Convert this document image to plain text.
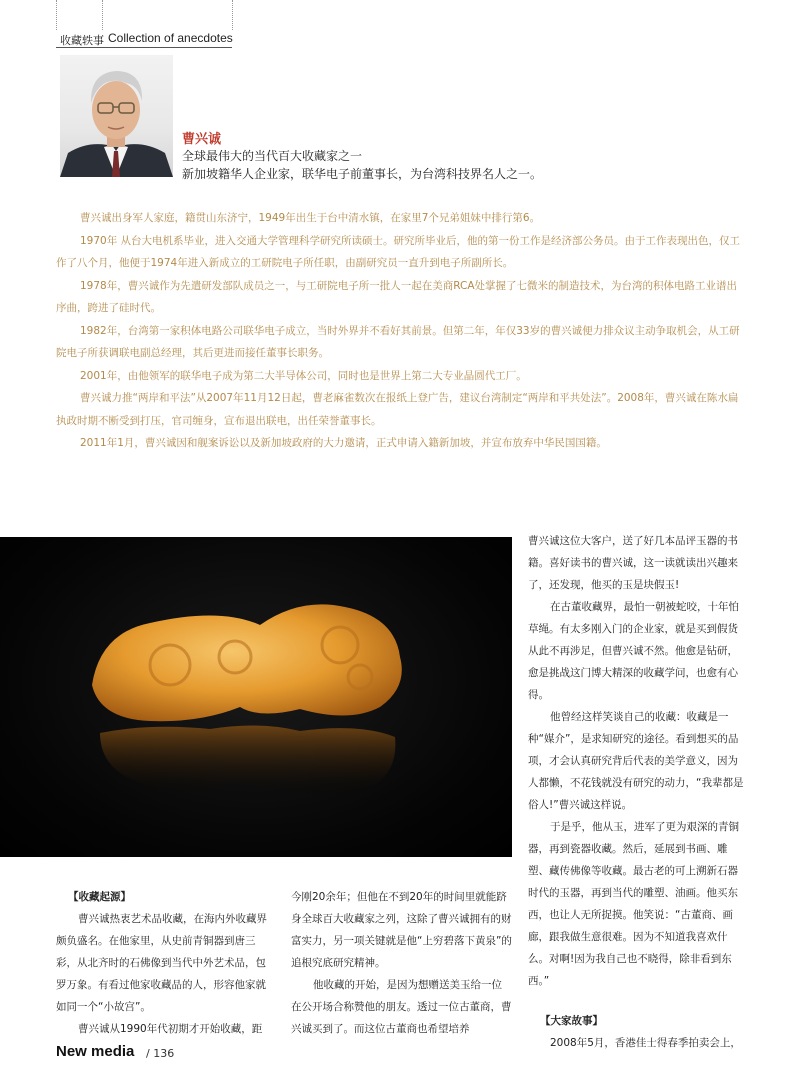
收藏轶事 Collection of anecdotes
曹兴诚
全球最伟大的当代百大收藏家之一
新加坡籍华人企业家，联华电子前董事长，为台湾科技界名人之一。

曹兴诚出身军人家庭，籍贯山东济宁，1949年出生于台中清水镇，在家里7个兄弟姐妹中排行第6。

1970年 从台大电机系毕业，进入交通大学管理科学研究所读硕士。研究所毕业后，他的第一份工作是经济部公务员。由于工作表现出色，仅工作了八个月，他便于1974年进入新成立的工研院电子所任职，由副研究员一直升到电子所副所长。

1978年，曹兴诚作为先遣研发部队成员之一，与工研院电子所一批人一起在美商RCA处掌握了七微米的制造技术，为台湾的积体电路工业谱出序曲，跨进了硅时代。

1982年，台湾第一家积体电路公司联华电子成立，当时外界并不看好其前景。但第二年，年仅33岁的曹兴诚便力排众议主动争取机会，从工研院电子所获调联电副总经理，其后更进而接任董事长职务。

2001年，由他领军的联华电子成为第二大半导体公司，同时也是世界上第二大专业晶圆代工厂。

曹兴诚力推“两岸和平法”从2007年11月12日起，曹老麻雀数次在报纸上登广告，建议台湾制定“两岸和平共处法”。2008年，曹兴诚在陈水扁执政时期不断受到打压，官司缠身，宣布退出联电，出任荣誉董事长。

2011年1月，曹兴诚因和舰案诉讼以及新加坡政府的大力邀请，正式申请入籍新加坡，并宣布放弃中华民国国籍。

【收藏起源】

曹兴诚热衷艺术品收藏，在海内外收藏界颇负盛名。在他家里，从史前青铜器到唐三彩，从北齐时的石佛像到当代中外艺术品，包罗万象。有看过他家收藏品的人，形容他家就如同一个“小故宫”。

曹兴诚从1990年代初期才开始收藏，距

今刚20余年；但他在不到20年的时间里就能跻身全球百大收藏家之列，这除了曹兴诚拥有的财富实力，另一项关键就是他“上穷碧落下黄泉”的追根究底研究精神。

他收藏的开始，是因为想赠送美玉给一位在公开场合称赞他的朋友。透过一位古董商，曹兴诚买到了。而这位古董商也希望培养

曹兴诚这位大客户，送了好几本品评玉器的书籍。喜好读书的曹兴诚，这一读就读出兴趣来了，还发现，他买的玉是块假玉!

在古董收藏界，最怕一朝被蛇咬，十年怕草绳。有太多刚入门的企业家，就是买到假货从此不再涉足，但曹兴诚不然。他愈是钻研，愈是挑战这门博大精深的收藏学问，也愈有心得。

他曾经这样笑谈自己的收藏：收藏是一种“媒介”，是求知研究的途径。看到想买的品项，才会认真研究背后代表的美学意义，因为人都懒，不花钱就没有研究的动力，“我辈都是俗人!”曹兴诚这样说。

于是乎，他从玉，进军了更为艰深的青铜器，再到瓷器收藏。然后，延展到书画、雕塑、藏传佛像等收藏。最古老的可上溯新石器时代的玉器，再到当代的雕塑、油画。他买东西，也让人无所捉摸。他笑说：“古董商、画廊，跟我做生意很难。因为不知道我喜欢什么。对啊!因为我自己也不晓得，除非看到东西。”

【大家故事】

2008年5月，香港佳士得春季拍卖会上，

New media / 136
